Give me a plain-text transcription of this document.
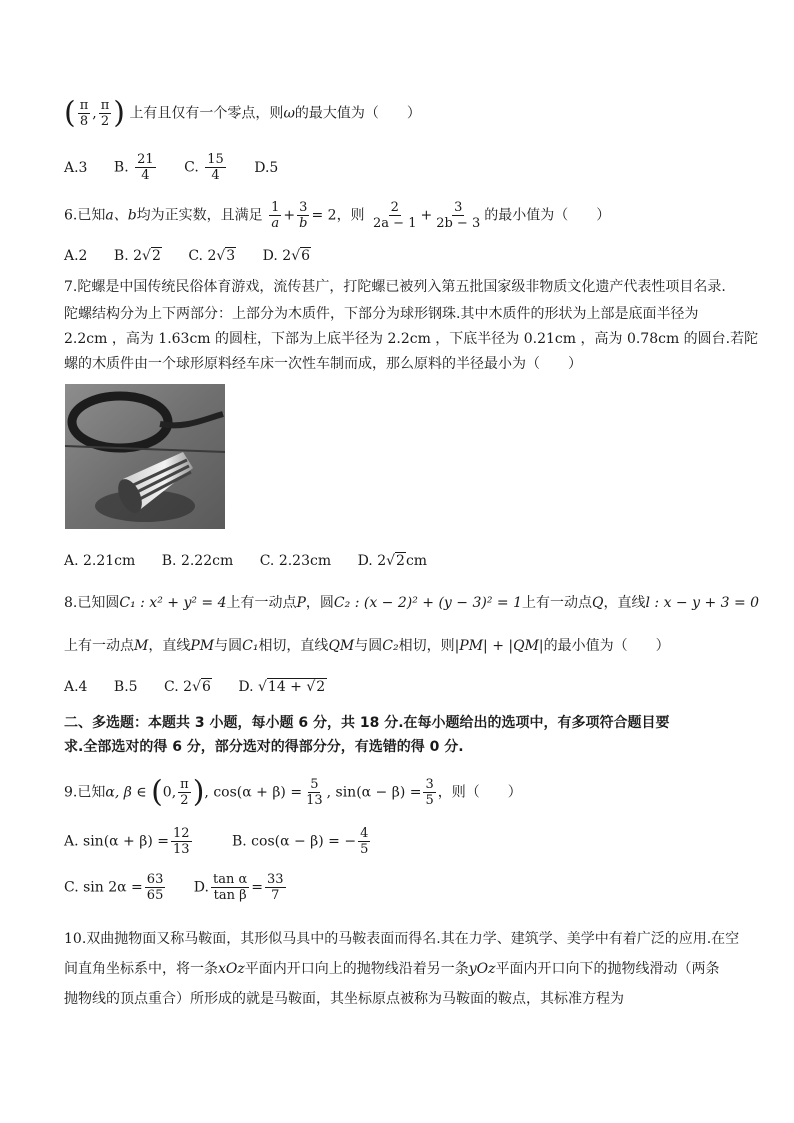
( $\frac{\pi}{8}$ , $\frac{\pi}{2}$ ) 上有且仅有一个零点，则ω的最大值为（　　）
A.3 B. $\frac{21}{4} C$. $\frac{15}{4} D.5$
6.已知a、b均为正实数，且满足 $\frac{1}{a} + \frac{3}{b} = 2$，则 $\frac{2}{2a - 1} + \frac{3}{2b - 3}$ 的最小值为（　　）
A.2 B. 2√2 C. 2√3 D. 2√6
7.陀螺是中国传统民俗体育游戏，流传甚广，打陀螺已被列入第五批国家级非物质文化遗产代表性项目名录.
陀螺结构分为上下两部分：上部分为木质件，下部分为球形钢珠.其中木质件的形状为上部是底面半径为
2.2cm ，高为 1.63cm 的圆柱，下部为上底半径为 2.2cm ，下底半径为 0.21cm ，高为 0.78cm 的圆台.若陀
螺的木质件由一个球形原料经车床一次性车制而成，那么原料的半径最小为（　　）
A. 2.21cm B. 2.22cm C. 2.23cm D. 2√2cm
8.已知圆C₁ : x² + y² = 4上有一动点P，圆C₂ : (x − 2)² + (y − 3)² = 1上有一动点Q，直线l : x − y + 3 = 0
上有一动点M，直线PM与圆C₁相切，直线QM与圆C₂相切，则|PM| + |QM|的最小值为（　　）
A.4 B.5 C. 2√6 D. √14 + √2
二、多选题：本题共 3 小题，每小题 6 分，共 18 分.在每小题给出的选项中，有多项符合题目要
求.全部选对的得 6 分，部分选对的得部分分，有选错的得 0 分.
9.已知α, β ∈ (0, $\frac{\pi}{2}$ ), $\cos(\alpha + \beta) = \frac{5}{13}$ , $\sin(\alpha - \beta) = \frac{3}{5}$ ，则（　　）
A. $\sin(\alpha + \beta) = \frac{12}{13}$	B. cos(α − β) = − $\frac{4}{5}$
C. $\sin 2\alpha = \frac{63}{65} D$. $\frac{\text{tan α}}{\text{tan β}} = \frac{33}{7}$
10.双曲抛物面又称马鞍面，其形似马具中的马鞍表面而得名.其在力学、建筑学、美学中有着广泛的应用.在空
间直角坐标系中，将一条xOz平面内开口向上的抛物线沿着另一条yOz平面内开口向下的抛物线滑动（两条
抛物线的顶点重合）所形成的就是马鞍面，其坐标原点被称为马鞍面的鞍点，其标准方程为
